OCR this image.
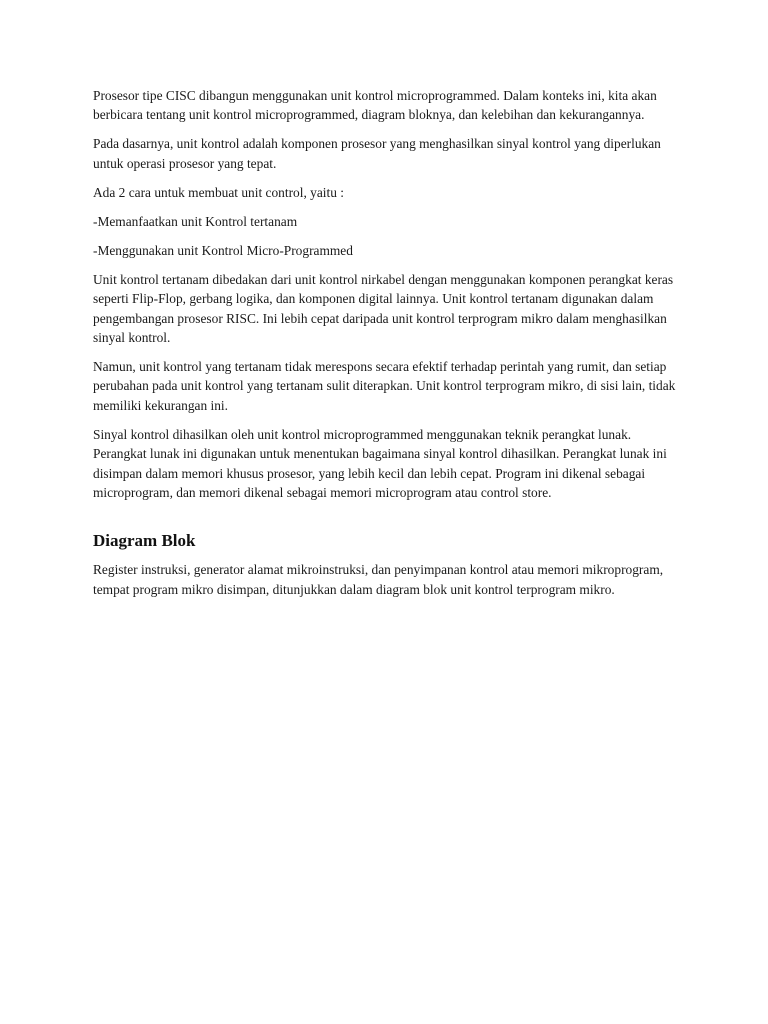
Prosesor tipe CISC dibangun menggunakan unit kontrol microprogrammed. Dalam konteks ini, kita akan berbicara tentang unit kontrol microprogrammed, diagram bloknya, dan kelebihan dan kekurangannya.

Pada dasarnya, unit kontrol adalah komponen prosesor yang menghasilkan sinyal kontrol yang diperlukan untuk operasi prosesor yang tepat.

Ada 2 cara untuk membuat unit control, yaitu :

-Memanfaatkan unit Kontrol tertanam

-Menggunakan unit Kontrol Micro-Programmed

Unit kontrol tertanam dibedakan dari unit kontrol nirkabel dengan menggunakan komponen perangkat keras seperti Flip-Flop, gerbang logika, dan komponen digital lainnya. Unit kontrol tertanam digunakan dalam pengembangan prosesor RISC. Ini lebih cepat daripada unit kontrol terprogram mikro dalam menghasilkan sinyal kontrol.

Namun, unit kontrol yang tertanam tidak merespons secara efektif terhadap perintah yang rumit, dan setiap perubahan pada unit kontrol yang tertanam sulit diterapkan. Unit kontrol terprogram mikro, di sisi lain, tidak memiliki kekurangan ini.

Sinyal kontrol dihasilkan oleh unit kontrol microprogrammed menggunakan teknik perangkat lunak. Perangkat lunak ini digunakan untuk menentukan bagaimana sinyal kontrol dihasilkan. Perangkat lunak ini disimpan dalam memori khusus prosesor, yang lebih kecil dan lebih cepat. Program ini dikenal sebagai microprogram, dan memori dikenal sebagai memori microprogram atau control store.

Diagram Blok

Register instruksi, generator alamat mikroinstruksi, dan penyimpanan kontrol atau memori mikroprogram, tempat program mikro disimpan, ditunjukkan dalam diagram blok unit kontrol terprogram mikro.
